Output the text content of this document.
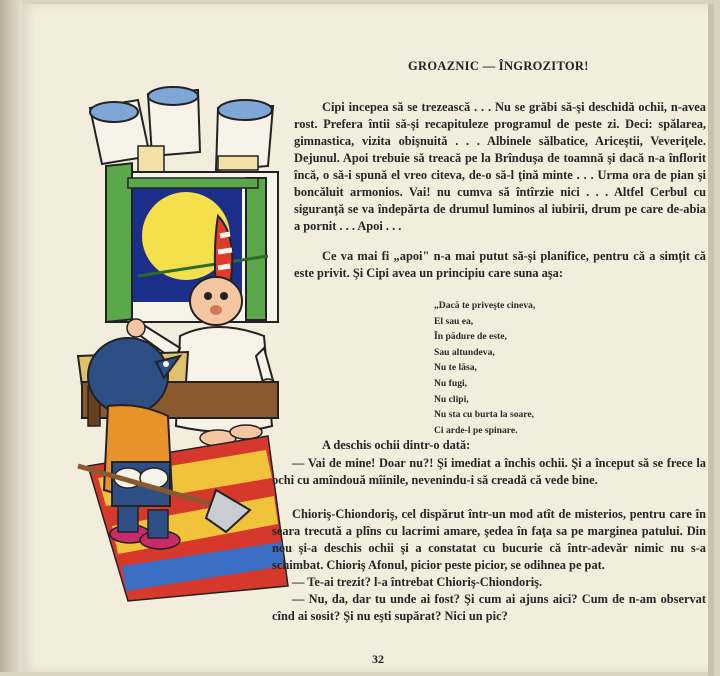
GROAZNIC — ÎNGROZITOR!
Cipi incepea să se trezească . . . Nu se grăbi să-şi deschidă ochii, n-avea rost. Prefera întii să-şi recapituleze programul de peste zi. Deci: spălarea, gimnastica, vizita obişnuită . . . Albinele sălbatice, Ariceştii, Veveriţele. Dejunul. Apoi trebuie să treacă pe la Brînduşa de toamnă şi dacă n-a înflorit încă, o să-i spună el vreo citeva, de-o să-l ţină minte . . . Urma ora de pian şi boncăluit armonios. Vai! nu cumva să întîrzie nici . . . Altfel Cerbul cu siguranţă se va îndepărta de drumul luminos al iubirii, drum pe care de-abia a pornit . . . Apoi . . .
Ce va mai fi „apoi" n-a mai putut să-şi planifice, pentru că a simţit că este privit. Şi Cipi avea un principiu care suna aşa:
„Dacă te priveşte cineva,
El sau ea,
În pădure de este,
Sau altundeva,
Nu te lăsa,
Nu fugi,
Nu clipi,
Nu sta cu burta la soare,
Ci arde-l pe spinare.
A deschis ochii dintr-o dată:
— Vai de mine! Doar nu?! Şi imediat a închis ochii. Şi a început să se frece la ochi cu amîndouă mîinile, nevenindu-i să creadă că vede bine.
Chioriş-Chiondoriş, cel dispărut într-un mod atît de misterios, pentru care în seara trecută a plîns cu lacrimi amare, şedea în faţa sa pe marginea patului. Din nou şi-a deschis ochii şi a constatat cu bucurie că într-adevăr nimic nu s-a schimbat. Chioriş Afonul, picior peste picior, se odihnea pe pat.
— Te-ai trezit? l-a întrebat Chioriş-Chiondoriş.
— Nu, da, dar tu unde ai fost? Şi cum ai ajuns aici? Cum de n-am observat cînd ai sosit? Şi nu eşti supărat? Nici un pic?
32
